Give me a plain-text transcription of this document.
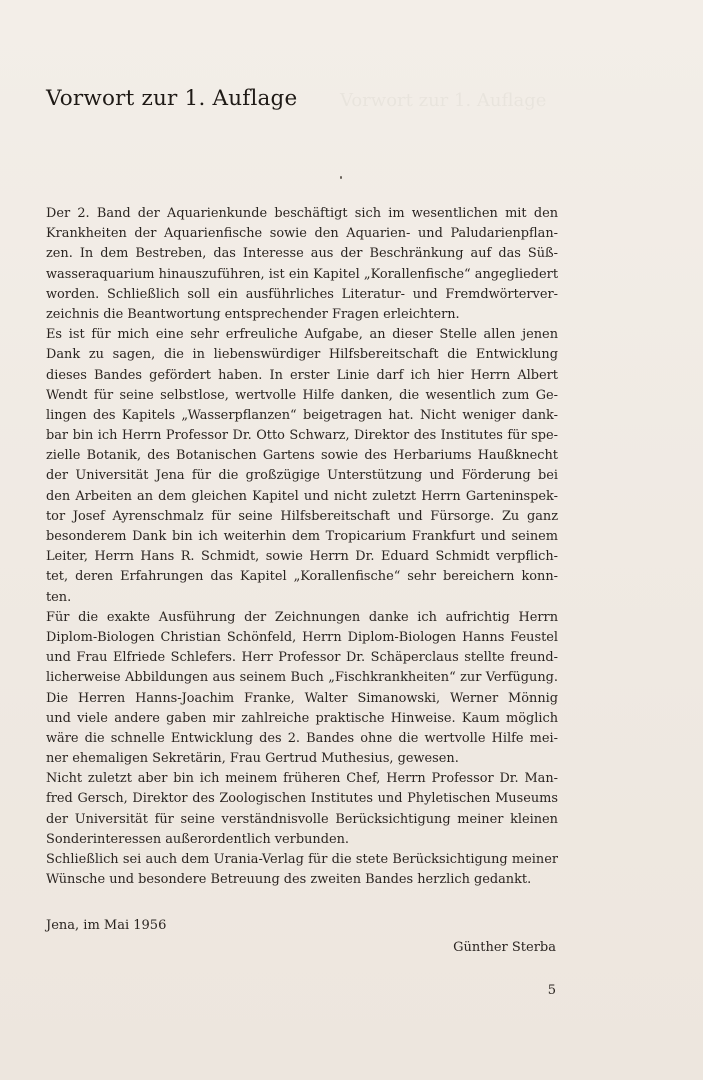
Vorwort zur 1. Auflage Vorwort zur 1. Auflage
Der 2. Band der Aquarienkunde beschäftigt sich im wesentlichen mit den
Krankheiten der Aquarienfische sowie den Aquarien- und Paludarienpflan-
zen. In dem Bestreben, das Interesse aus der Beschränkung auf das Süß-
wasseraquarium hinauszuführen, ist ein Kapitel „Korallenfische“ angegliedert
worden. Schließlich soll ein ausführliches Literatur- und Fremdwörterver-
zeichnis die Beantwortung entsprechender Fragen erleichtern.
Es ist für mich eine sehr erfreuliche Aufgabe, an dieser Stelle allen jenen
Dank zu sagen, die in liebenswürdiger Hilfsbereitschaft die Entwicklung
dieses Bandes gefördert haben. In erster Linie darf ich hier Herrn Albert
Wendt für seine selbstlose, wertvolle Hilfe danken, die wesentlich zum Ge-
lingen des Kapitels „Wasserpflanzen“ beigetragen hat. Nicht weniger dank-
bar bin ich Herrn Professor Dr. Otto Schwarz, Direktor des Institutes für spe-
zielle Botanik, des Botanischen Gartens sowie des Herbariums Haußknecht
der Universität Jena für die großzügige Unterstützung und Förderung bei
den Arbeiten an dem gleichen Kapitel und nicht zuletzt Herrn Garteninspek-
tor Josef Ayrenschmalz für seine Hilfsbereitschaft und Fürsorge. Zu ganz
besonderem Dank bin ich weiterhin dem Tropicarium Frankfurt und seinem
Leiter, Herrn Hans R. Schmidt, sowie Herrn Dr. Eduard Schmidt verpflich-
tet, deren Erfahrungen das Kapitel „Korallenfische“ sehr bereichern konn-
ten.
Für die exakte Ausführung der Zeichnungen danke ich aufrichtig Herrn
Diplom-Biologen Christian Schönfeld, Herrn Diplom-Biologen Hanns Feustel
und Frau Elfriede Schlefers. Herr Professor Dr. Schäperclaus stellte freund-
licherweise Abbildungen aus seinem Buch „Fischkrankheiten“ zur Verfügung.
Die Herren Hanns-Joachim Franke, Walter Simanowski, Werner Mönnig
und viele andere gaben mir zahlreiche praktische Hinweise. Kaum möglich
wäre die schnelle Entwicklung des 2. Bandes ohne die wertvolle Hilfe mei-
ner ehemaligen Sekretärin, Frau Gertrud Muthesius, gewesen.
Nicht zuletzt aber bin ich meinem früheren Chef, Herrn Professor Dr. Man-
fred Gersch, Direktor des Zoologischen Institutes und Phyletischen Museums
der Universität für seine verständnisvolle Berücksichtigung meiner kleinen
Sonderinteressen außerordentlich verbunden.
Schließlich sei auch dem Urania-Verlag für die stete Berücksichtigung meiner
Wünsche und besondere Betreuung des zweiten Bandes herzlich gedankt.
Jena, im Mai 1956
Günther Sterba
5
